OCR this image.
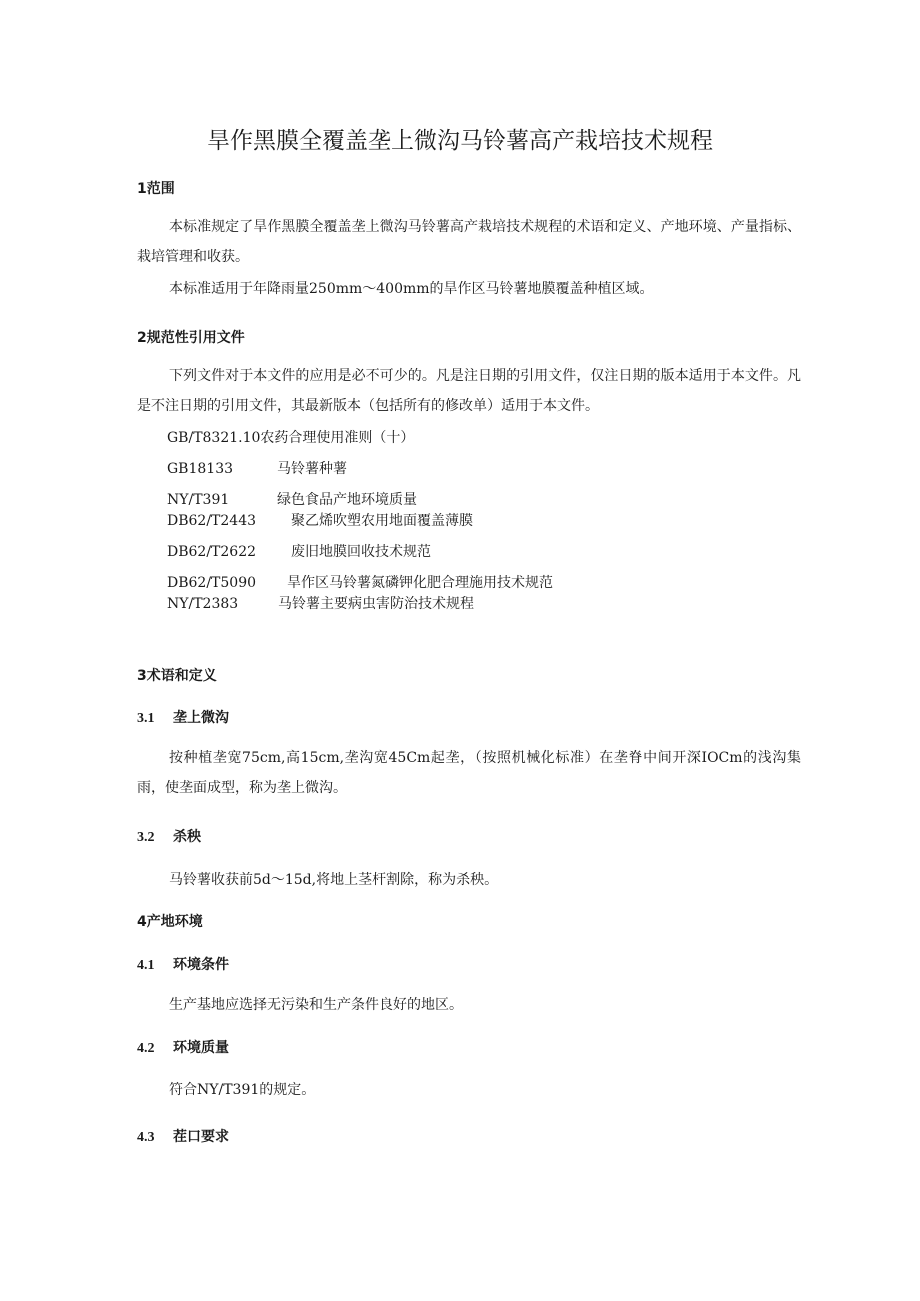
旱作黑膜全覆盖垄上微沟马铃薯高产栽培技术规程
1范围
本标准规定了旱作黑膜全覆盖垄上微沟马铃薯高产栽培技术规程的术语和定义、产地环境、产量指标、栽培管理和收获。
本标准适用于年降雨量250mm～400mm的旱作区马铃薯地膜覆盖种植区域。
2规范性引用文件
下列文件对于本文件的应用是必不可少的。凡是注日期的引用文件，仅注日期的版本适用于本文件。凡是不注日期的引用文件，其最新版本（包括所有的修改单）适用于本文件。
GB/T8321.10农药合理使用准则（十）
GB18133	马铃薯种薯
NY/T391	绿色食品产地环境质量
DB62/T2443 聚乙烯吹塑农用地面覆盖薄膜
DB62/T2622 废旧地膜回收技术规范
DB62/T5090 旱作区马铃薯氮磷钾化肥合理施用技术规范
NY/T2383	马铃薯主要病虫害防治技术规程
3术语和定义
3.1 垄上微沟
按种植垄宽75cm,高15cm,垄沟宽45Cm起垄，（按照机械化标准）在垄脊中间开深IOCm的浅沟集雨，使垄面成型，称为垄上微沟。
3.2 杀秧
马铃薯收获前5d～15d,将地上茎杆割除，称为杀秧。
4产地环境
4.1 环境条件
生产基地应选择无污染和生产条件良好的地区。
4.2 环境质量
符合NY/T391的规定。
4.3 茬口要求
